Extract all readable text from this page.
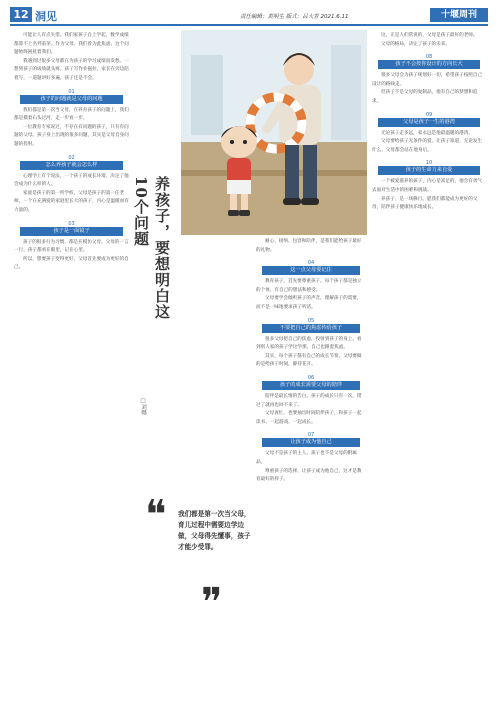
12 洞见	责任编辑：黄明生 版式：吕大芳 2021.6.11	十堰周刊

可能让人有点失望。我们家孩子自上学起，数学成绩都算不上名列前茅。作为父母，我们曾为此焦虑，这个问题始终困扰着我们。

我遇到过很多父母都在为孩子的学习成绩而发愁。一想到孩子的成绩就头疼，孩子写作业拖拉，家长在旁边陪着写，一道题讲好多遍，孩子还是不会。

01
孩子的问题就是父母的问题

我们都是第一次当父母，在养育孩子的问题上，我们都是摸着石头过河，走一步看一步。

一位教育专家说过，不存在有问题的孩子，只有有问题的父母。孩子身上出现的很多问题，其实是父母自身问题的投射。

02
怎么养孩子就会怎么样

心理学上有个说法，一个孩子的成长环境，决定了他会成为什么样的人。

家庭是孩子的第一所学校，父母是孩子的第一任老师。一个在充满爱的家庭里长大的孩子，内心是温暖而有力量的。

03
孩子是一面镜子

孩子的很多行为习惯，都是在模仿父母。父母的一言一行，孩子都看在眼里，记在心里。

所以，想要孩子变得更好，父母首先要成为更好的自己。	养孩子，要想明白这10个问题
□刘娜
❝ 我们都是第一次当父母，育儿过程中需要边学边做，父母得先懂事，孩子才能少受罪。
❞

耐心、接纳、包容和陪伴，是我们能给孩子最好的礼物。

04
这一点父母要记住

教育孩子，首先要尊重孩子。每个孩子都是独立的个体，有自己的想法和感受。

父母要学会倾听孩子的声音，理解孩子的需要，而不是一味地要求孩子听话。

05
不要把自己的焦虑传给孩子

很多父母把自己的焦虑，投射到孩子的身上。看到别人家的孩子学这学那，自己也跟着焦虑。

其实，每个孩子都有自己的成长节奏，父母要做的是给孩子时间，静待花开。

06
孩子的成长需要父母的陪伴

陪伴是最长情的告白。孩子的成长只有一次，错过了就再也回不来了。

父母再忙，也要抽出时间陪伴孩子，和孩子一起读书、一起游戏、一起成长。

07
让孩子成为他自己

父母不是孩子的主人，孩子也不是父母的附属品。

尊重孩子的选择，让孩子成为他自己，这才是教育最好的样子。

这，正是人们常说的，父母是孩子最好的老师。

父母的格局，决定了孩子的未来。

08
孩子不会按你设计的方向长大

很多父母会为孩子规划好一切，希望孩子按照自己设计的路线走。

但孩子不是父母的复制品，他有自己的梦想和追求。

09
父母是孩子一生的港湾

无论孩子走多远，家永远是他最温暖的港湾。

父母要给孩子无条件的爱，让孩子知道，无论发生什么，父母都会站在他身后。

10
孩子的生命力来自爱

一个被爱滋养的孩子，内心是富足的，他会有勇气去面对生活中的困难和挑战。

养孩子，是一场修行。愿我们都能成为更好的父母，陪伴孩子健康快乐地成长。
